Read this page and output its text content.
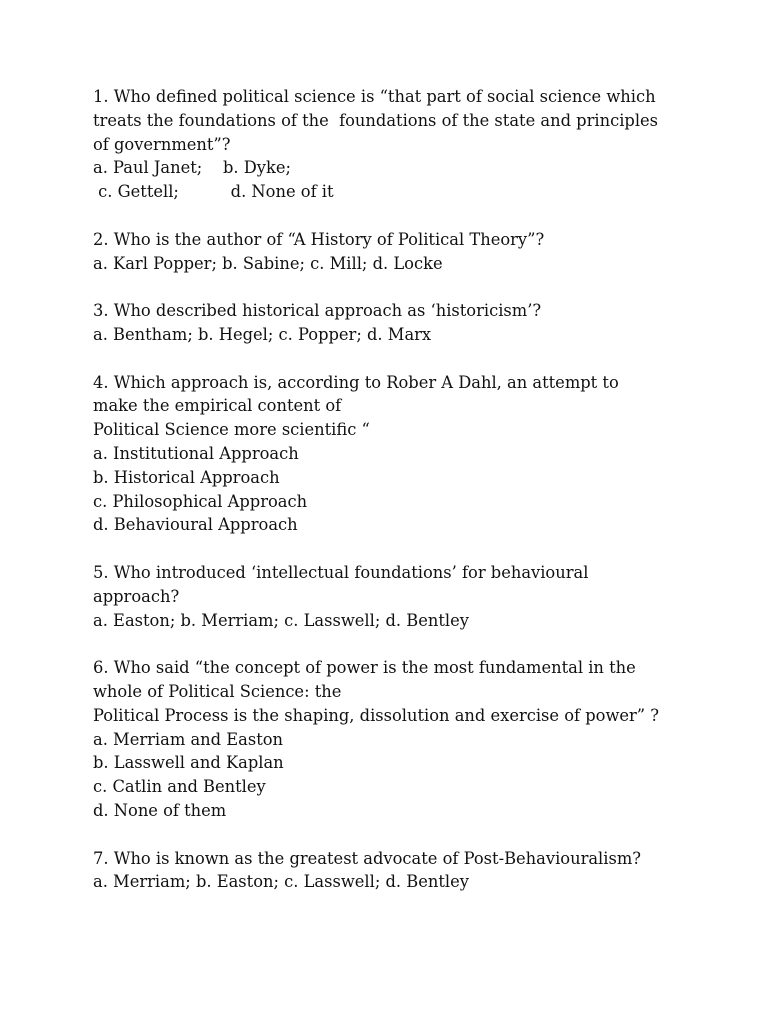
1. Who defined political science is “that part of social science which
treats the foundations of the  foundations of the state and principles
of government”?
a. Paul Janet;    b. Dyke;
c. Gettell;          d. None of it
2. Who is the author of “A History of Political Theory”?
a. Karl Popper; b. Sabine; c. Mill; d. Locke
3. Who described historical approach as ‘historicism’?
a. Bentham; b. Hegel; c. Popper; d. Marx
4. Which approach is, according to Rober A Dahl, an attempt to
make the empirical content of
Political Science more scientific “
a. Institutional Approach
b. Historical Approach
c. Philosophical Approach
d. Behavioural Approach
5. Who introduced ‘intellectual foundations’ for behavioural
approach?
a. Easton; b. Merriam; c. Lasswell; d. Bentley
6. Who said “the concept of power is the most fundamental in the
whole of Political Science: the
Political Process is the shaping, dissolution and exercise of power” ?
a. Merriam and Easton
b. Lasswell and Kaplan
c. Catlin and Bentley
d. None of them
7. Who is known as the greatest advocate of Post-Behaviouralism?
a. Merriam; b. Easton; c. Lasswell; d. Bentley
